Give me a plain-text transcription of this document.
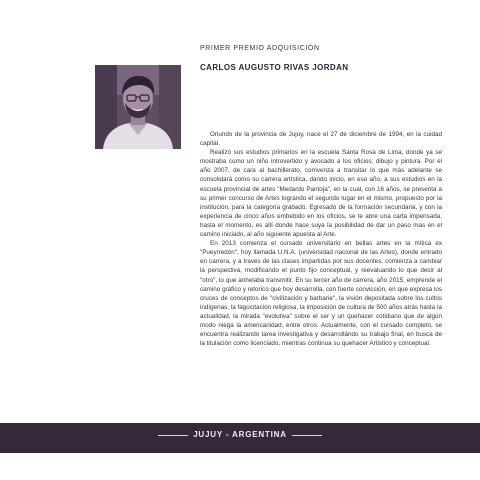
PRIMER PREMIO ADQUISICIÓN

CARLOS AUGUSTO RIVAS JORDAN

Oriundo de la provincia de Jujuy, nace el 27 de diciembre de 1994, en la cuidad capital.

Realizó sus estudios primarios en la escuela Santa Rosa de Lima, donde ya se mostraba como un niño introvertido y avocado a los oficios; dibujo y pintura. Por el año 2007, de cara al bachillerato, comvenza a transitar lo que más adelante se consolidará como su carrera artística, dando inicio, en eso año, a sus estudios en la escuela provincial de artes "Medardo Pantoja", en la cual, con 16 años, se presenta a su primer concurso de Artes logrando el segundo lugar en el mismo, propuesto por la institución, para la categoría grabado. Egresado de la formación secundaria, y con la experiencia de cinco años embebido en los oficios, se le abre una carta impensada, hasta el momento, es allí donde hace suya la posibilidad de dar un paso mas en el camino iniciado, al año siguiente apuesta al Arte.

En 2013 comienza el cursado universitario en bellas artes en la mítica ex "Pueyrredón", hoy llamada U.N.A. (universidad nacional de las Artes), donde entrado en carrera, y a través de las clases impartidas por sus docentes, comienza a cambiar la perspectiva, modificando el punto fijo conceptual, y reevaluando lo que decir al "otro", lo que anhelaba transmitir. En su tercer año de carrera, año 2015, emprende el camino gráfico y retorico que hoy desarrolla, con fuerte convicción, en que expresa los cruces de conceptos de "civilización y barbarie", la visión depositada sobre los cultos indígenas, la fagocitación religiosa, la imposición de cultura de 500 años atrás hasta la actualidad, la mirada "evolutiva" sobre el ser y un quehacer cotidiano que de algún modo niega la americanidad, entre otros. Actualmente, con el cursado completo, se encuentra realizando tarea investigativa y desarrollándo su trabajo final, en busca de la titulación como licenciado, mientras continua su quehacer Artistico y conceptual.

JUJUY - ARGENTINA
